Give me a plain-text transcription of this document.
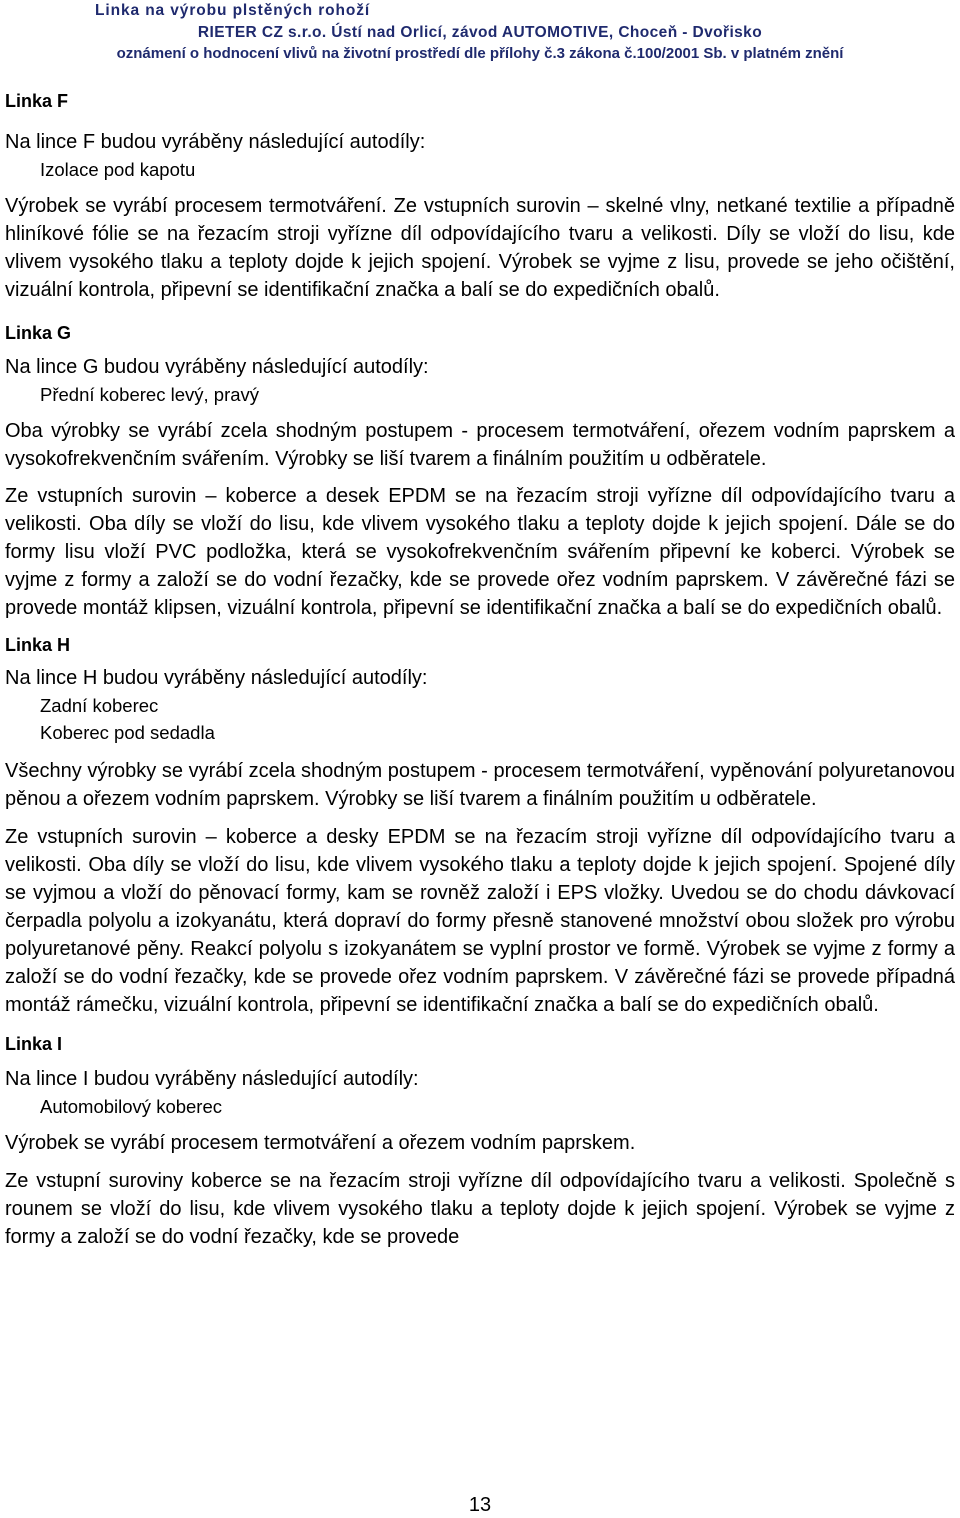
Linka na výrobu plstěných rohoží
RIETER CZ s.r.o. Ústí nad Orlicí, závod AUTOMOTIVE, Choceň - Dvořisko
oznámení o hodnocení vlivů na životní prostředí dle přílohy č.3 zákona č.100/2001 Sb. v platném znění
Linka F

Na lince F budou vyráběny následující autodíly:

Izolace pod kapotu

Výrobek se vyrábí procesem termotváření. Ze vstupních surovin – skelné vlny, netkané textilie a případně hliníkové fólie se na řezacím stroji vyřízne díl odpovídajícího tvaru a velikosti. Díly se vloží do lisu, kde vlivem vysokého tlaku a teploty dojde k jejich spojení. Výrobek se vyjme z lisu, provede se jeho očištění, vizuální kontrola, připevní se identifikační značka a balí se do expedičních obalů.

Linka G

Na lince G budou vyráběny následující autodíly:

Přední koberec levý, pravý

Oba výrobky se vyrábí zcela shodným postupem - procesem termotváření, ořezem vodním paprskem a vysokofrekvenčním svářením. Výrobky se liší tvarem a finálním použitím u odběratele.

Ze vstupních surovin – koberce a desek EPDM se na řezacím stroji vyřízne díl odpovídajícího tvaru a velikosti. Oba díly se vloží do lisu, kde vlivem vysokého tlaku a teploty dojde k jejich spojení. Dále se do formy lisu vloží PVC podložka, která se vysokofrekvenčním svářením připevní ke koberci. Výrobek se vyjme z formy a založí se do vodní řezačky, kde se provede ořez vodním paprskem. V závěrečné fázi se provede montáž klipsen, vizuální kontrola, připevní se identifikační značka a balí se do expedičních obalů.

Linka H

Na lince H budou vyráběny následující autodíly:

Zadní koberec
Koberec pod sedadla

Všechny výrobky se vyrábí zcela shodným postupem - procesem termotváření, vypěnování polyuretanovou pěnou a ořezem vodním paprskem. Výrobky se liší tvarem a finálním použitím u odběratele.

Ze vstupních surovin – koberce a desky EPDM se na řezacím stroji vyřízne díl odpovídajícího tvaru a velikosti. Oba díly se vloží do lisu, kde vlivem vysokého tlaku a teploty dojde k jejich spojení. Spojené díly se vyjmou a vloží do pěnovací formy, kam se rovněž založí i EPS vložky. Uvedou se do chodu dávkovací čerpadla polyolu a izokyanátu, která dopraví do formy přesně stanovené množství obou složek pro výrobu polyuretanové pěny. Reakcí polyolu s izokyanátem se vyplní prostor ve formě. Výrobek se vyjme z formy a založí se do vodní řezačky, kde se provede ořez vodním paprskem. V závěrečné fázi se provede případná montáž rámečku, vizuální kontrola, připevní se identifikační značka a balí se do expedičních obalů.

Linka I

Na lince I budou vyráběny následující autodíly:

Automobilový koberec

Výrobek se vyrábí procesem termotváření a ořezem vodním paprskem.

Ze vstupní suroviny koberce se na řezacím stroji vyřízne díl odpovídajícího tvaru a velikosti. Společně s rounem se vloží do lisu, kde vlivem vysokého tlaku a teploty dojde k jejich spojení. Výrobek se vyjme z formy a založí se do vodní řezačky, kde se provede

13
